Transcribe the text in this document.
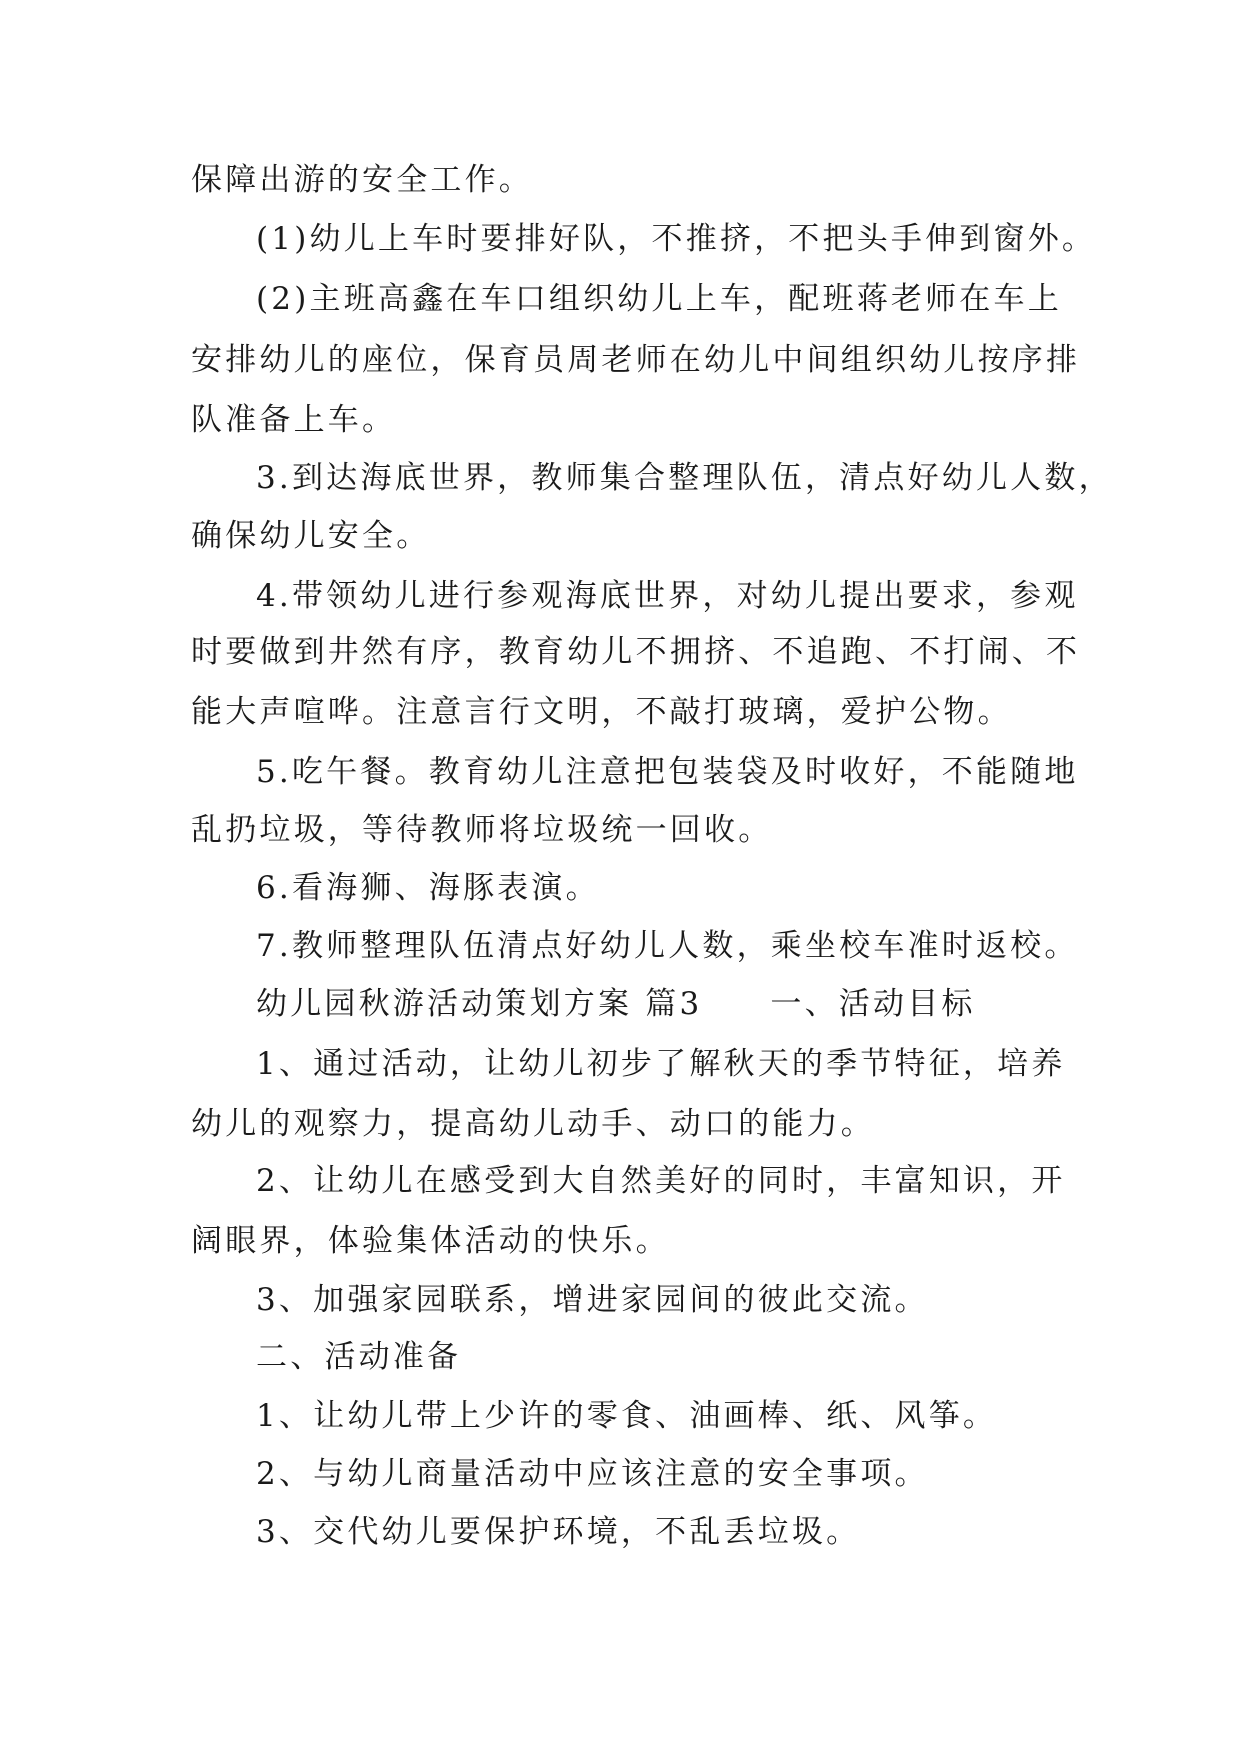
保障出游的安全工作。
(1)幼儿上车时要排好队，不推挤，不把头手伸到窗外。
(2)主班高鑫在车口组织幼儿上车，配班蒋老师在车上
安排幼儿的座位，保育员周老师在幼儿中间组织幼儿按序排
队准备上车。
3.到达海底世界，教师集合整理队伍，清点好幼儿人数，
确保幼儿安全。
4.带领幼儿进行参观海底世界，对幼儿提出要求，参观
时要做到井然有序，教育幼儿不拥挤、不追跑、不打闹、不
能大声喧哗。注意言行文明，不敲打玻璃，爱护公物。
5.吃午餐。教育幼儿注意把包装袋及时收好，不能随地
乱扔垃圾，等待教师将垃圾统一回收。
6.看海狮、海豚表演。
7.教师整理队伍清点好幼儿人数，乘坐校车准时返校。
幼儿园秋游活动策划方案 篇3 一、活动目标
1、通过活动，让幼儿初步了解秋天的季节特征，培养
幼儿的观察力，提高幼儿动手、动口的能力。
2、让幼儿在感受到大自然美好的同时，丰富知识，开
阔眼界，体验集体活动的快乐。
3、加强家园联系，增进家园间的彼此交流。
二、活动准备
1、让幼儿带上少许的零食、油画棒、纸、风筝。
2、与幼儿商量活动中应该注意的安全事项。
3、交代幼儿要保护环境，不乱丢垃圾。
